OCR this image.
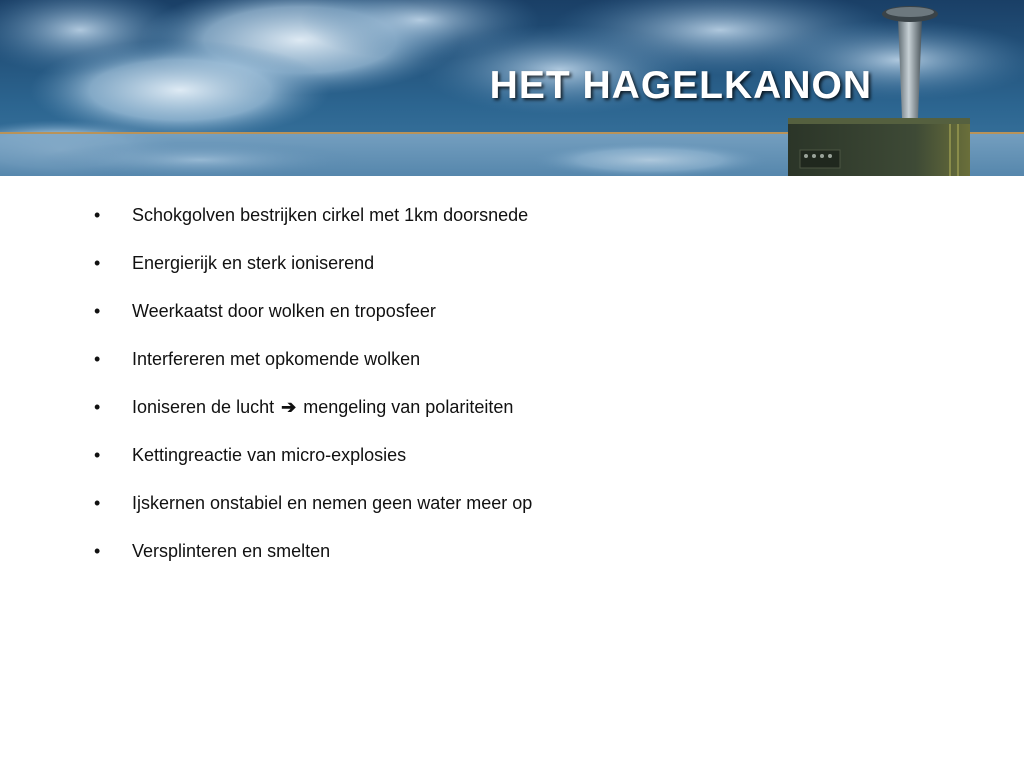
HET HAGELKANON
• Schokgolven bestrijken cirkel met 1km doorsnede
• Energierijk en sterk ioniserend
• Weerkaatst door wolken en troposfeer
• Interfereren met opkomende wolken
• Ioniseren de lucht ➔ mengeling van polariteiten
• Kettingreactie van micro-explosies
• Ijskernen onstabiel en nemen geen water meer op
• Versplinteren en smelten
